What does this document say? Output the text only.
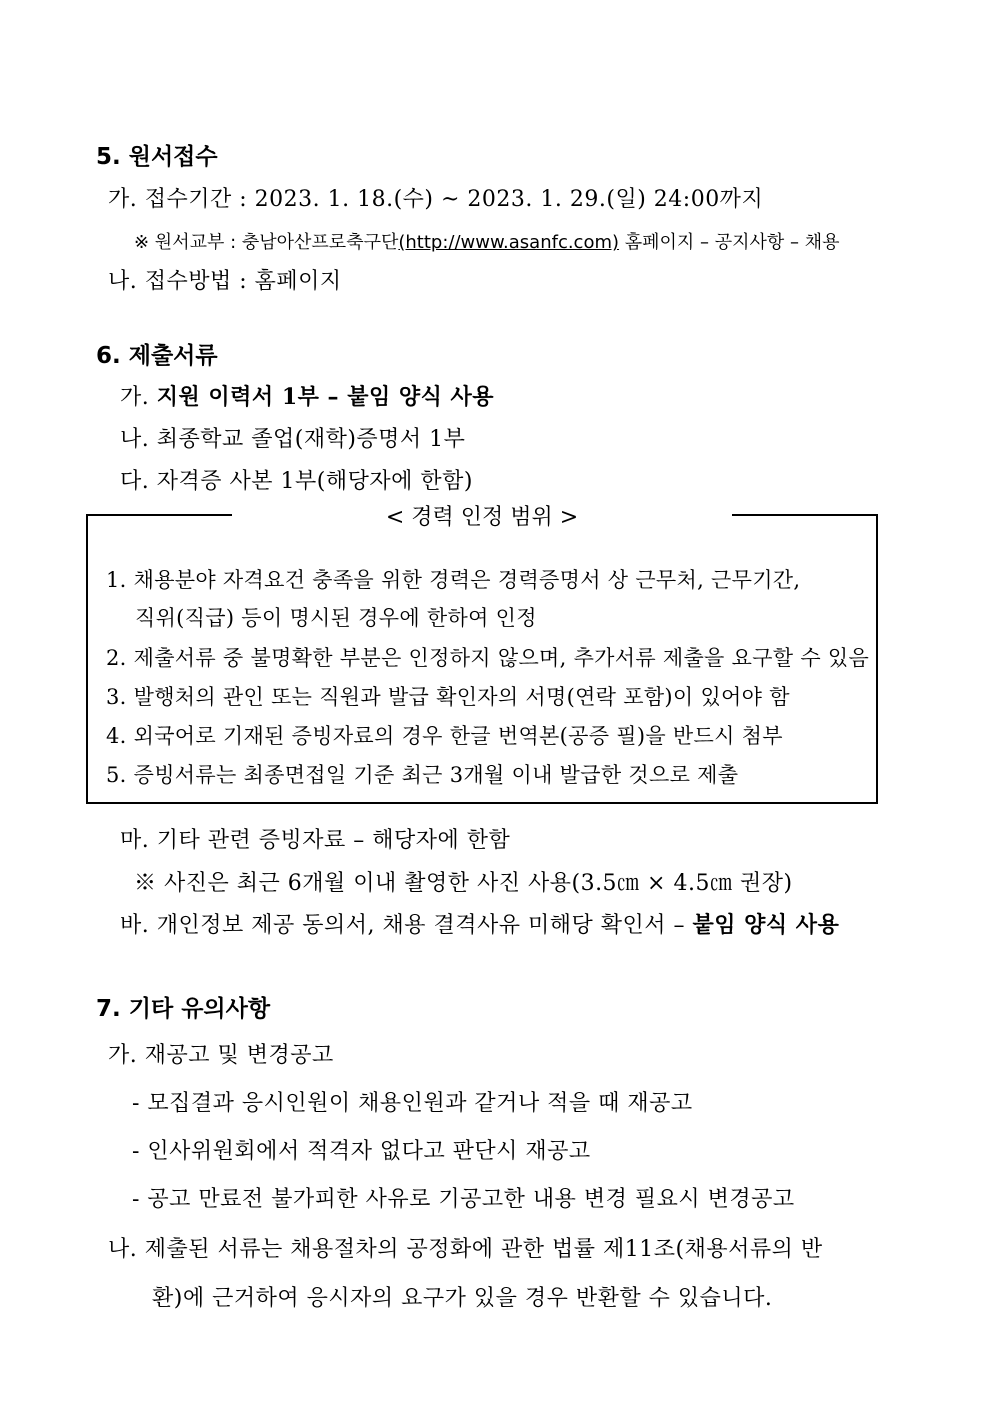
5. 원서접수
가. 접수기간 : 2023. 1. 18.(수) ~ 2023. 1. 29.(일) 24:00까지
※ 원서교부 : 충남아산프로축구단(http://www.asanfc.com) 홈페이지 – 공지사항 – 채용
나. 접수방법 : 홈페이지
6. 제출서류
가. 지원 이력서 1부 – 붙임 양식 사용
나. 최종학교 졸업(재학)증명서 1부
다. 자격증 사본 1부(해당자에 한함)
< 경력 인정 범위 >
1. 채용분야 자격요건 충족을 위한 경력은 경력증명서 상 근무처, 근무기간,
직위(직급) 등이 명시된 경우에 한하여 인정
2. 제출서류 중 불명확한 부분은 인정하지 않으며, 추가서류 제출을 요구할 수 있음
3. 발행처의 관인 또는 직원과 발급 확인자의 서명(연락 포함)이 있어야 함
4. 외국어로 기재된 증빙자료의 경우 한글 번역본(공증 필)을 반드시 첨부
5. 증빙서류는 최종면접일 기준 최근 3개월 이내 발급한 것으로 제출
마. 기타 관련 증빙자료 – 해당자에 한함
※ 사진은 최근 6개월 이내 촬영한 사진 사용(3.5㎝ × 4.5㎝ 권장)
바. 개인정보 제공 동의서, 채용 결격사유 미해당 확인서 – 붙임 양식 사용
7. 기타 유의사항
가. 재공고 및 변경공고
- 모집결과 응시인원이 채용인원과 같거나 적을 때 재공고
- 인사위원회에서 적격자 없다고 판단시 재공고
- 공고 만료전 불가피한 사유로 기공고한 내용 변경 필요시 변경공고
나. 제출된 서류는 채용절차의 공정화에 관한 법률 제11조(채용서류의 반
환)에 근거하여 응시자의 요구가 있을 경우 반환할 수 있습니다.
